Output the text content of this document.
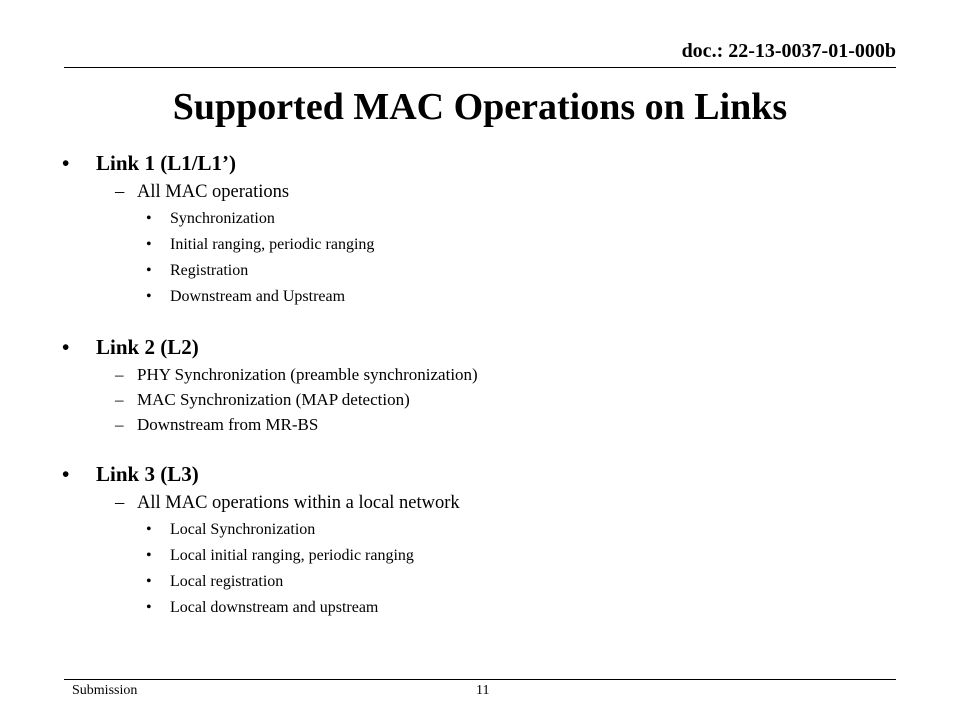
doc.: 22-13-0037-01-000b
Supported MAC Operations on Links
•	Link 1 (L1/L1’)
– All MAC operations
•	Synchronization
•	Initial ranging, periodic ranging
•	Registration
•	Downstream and Upstream
•	Link 2 (L2)
– PHY Synchronization (preamble synchronization)
– MAC Synchronization (MAP detection)
– Downstream from MR-BS
•	Link 3 (L3)
– All MAC operations within a local network
•	Local Synchronization
•	Local initial ranging, periodic ranging
•	Local registration
•	Local downstream and upstream
Submission	11
